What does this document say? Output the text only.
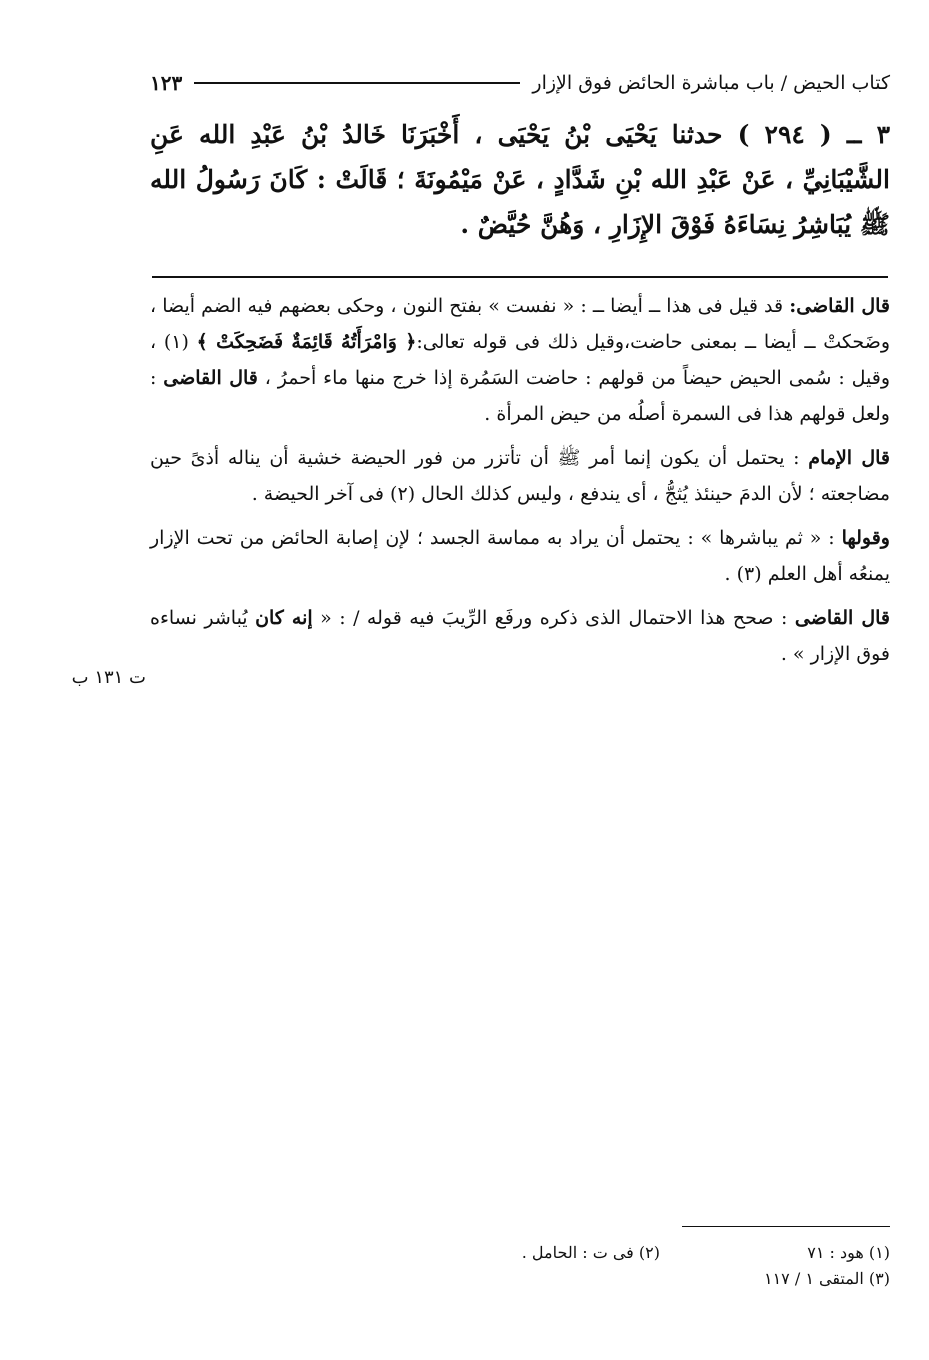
كتاب الحيض / باب مباشرة الحائض فوق الإزار
١٢٣
٣ ــ ( ٢٩٤ ) حدثنا يَحْيَى بْنُ يَحْيَى ، أَخْبَرَنَا خَالدُ بْنُ عَبْدِ الله عَنِ الشَّيْبَانِيِّ ، عَنْ عَبْدِ الله بْنِ شَدَّادٍ ، عَنْ مَيْمُونَةَ ؛ قَالَتْ : كَانَ رَسُولُ الله ﷺ يُبَاشِرُ نِسَاءَهُ فَوْقَ الإِزَارِ ، وَهُنَّ حُيَّضٌ .

قال القاضى: قد قيل فى هذا ــ أيضا ــ : « نفست » بفتح النون ، وحكى بعضهم فيه الضم أيضا ، وضَحكتْ ــ أيضا ــ بمعنى حاضت،وقيل ذلك فى قوله تعالى:﴿ وَامْرَأَتُهُ قَائِمَةٌ فَضَحِكَتْ ﴾ (١) ، وقيل : سُمى الحيض حيضاً من قولهم : حاضت السَمُرة إذا خرج منها ماء أحمرُ ، قال القاضى : ولعل قولهم هذا فى السمرة أصلُه من حيض المرأة .

قال الإمام : يحتمل أن يكون إنما أمر ﷺ أن تأتزر من فور الحيضة خشية أن يناله أذىً حين مضاجعته ؛ لأن الدمَ حينئذ يُثجُّ ، أى يندفع ، وليس كذلك الحال (٢) فى آخر الحيضة .

وقولها : « ثم يباشرها » : يحتمل أن يراد به مماسة الجسد ؛ لإن إصابة الحائض من تحت الإزار يمنعُه أهل العلم (٣) .

قال القاضى : صحح هذا الاحتمال الذى ذكره ورفَع الرِّيبَ فيه قوله / : « إنه كان يُباشر نساءه فوق الإزار » .

ت ١٣١ ب
(١) هود : ٧١
(٢) فى ت : الحامل .
(٣) المتقى ١ / ١١٧
